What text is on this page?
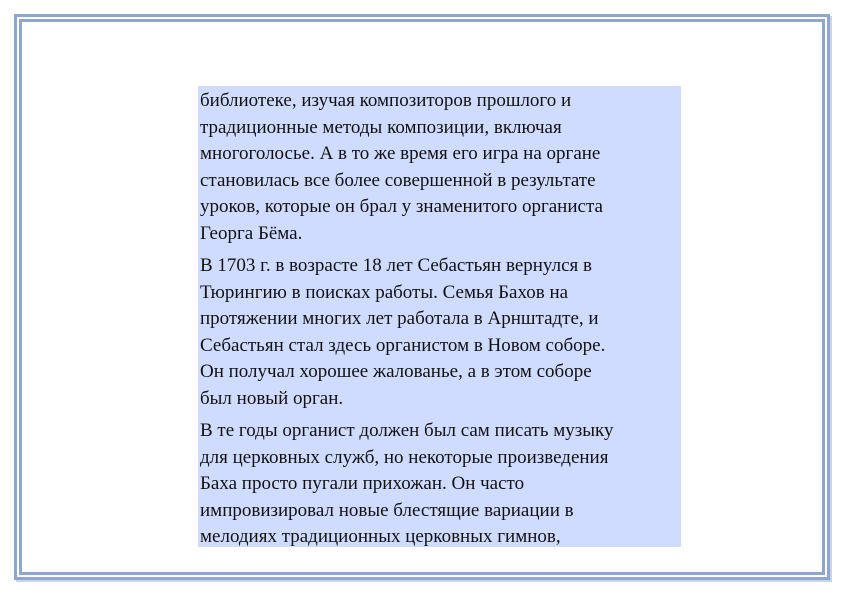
библиотеке, изучая композиторов прошлого и
традиционные методы композиции, включая
многоголосье. А в то же время его игра на органе
становилась все более совершенной в результате
уроков, которые он брал у знаменитого органиста
Георга Бёма.

В 1703 г. в возрасте 18 лет Себастьян вернулся в
Тюрингию в поисках работы. Семья Бахов на
протяжении многих лет работала в Арнштадте, и
Себастьян стал здесь органистом в Новом соборе.
Он получал хорошее жалованье, а в этом соборе
был новый орган.

В те годы органист должен был сам писать музыку
для церковных служб, но некоторые произведения
Баха просто пугали прихожан. Он часто
импровизировал новые блестящие вариации в
мелодиях традиционных церковных гимнов,
